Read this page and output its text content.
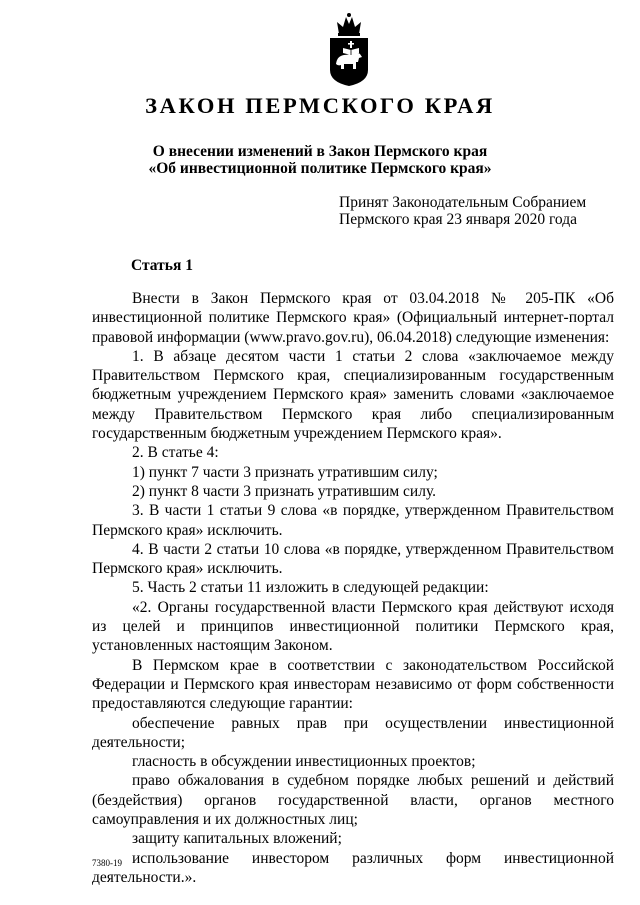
ЗАКОН ПЕРМСКОГО КРАЯ
О внесении изменений в Закон Пермского края
«Об инвестиционной политике Пермского края»
Принят Законодательным Собранием
Пермского края 23 января 2020 года
Статья 1

Внести в Закон Пермского края от 03.04.2018 № 205-ПК «Об инвестиционной политике Пермского края» (Официальный интернет-портал правовой информации (www.pravo.gov.ru), 06.04.2018) следующие изменения:

1. В абзаце десятом части 1 статьи 2 слова «заключаемое между Правительством Пермского края, специализированным государственным бюджетным учреждением Пермского края» заменить словами «заключаемое между Правительством Пермского края либо специализированным государственным бюджетным учреждением Пермского края».

2. В статье 4:

1) пункт 7 части 3 признать утратившим силу;

2) пункт 8 части 3 признать утратившим силу.

3. В части 1 статьи 9 слова «в порядке, утвержденном Правительством Пермского края» исключить.

4. В части 2 статьи 10 слова «в порядке, утвержденном Правительством Пермского края» исключить.

5. Часть 2 статьи 11 изложить в следующей редакции:

«2. Органы государственной власти Пермского края действуют исходя из целей и принципов инвестиционной политики Пермского края, установленных настоящим Законом.

В Пермском крае в соответствии с законодательством Российской Федерации и Пермского края инвесторам независимо от форм собственности предоставляются следующие гарантии:

обеспечение равных прав при осуществлении инвестиционной деятельности;

гласность в обсуждении инвестиционных проектов;

право обжалования в судебном порядке любых решений и действий (бездействия) органов государственной власти, органов местного самоуправления и их должностных лиц;

защиту капитальных вложений;

использование инвестором различных форм инвестиционной деятельности.».

7380-19
